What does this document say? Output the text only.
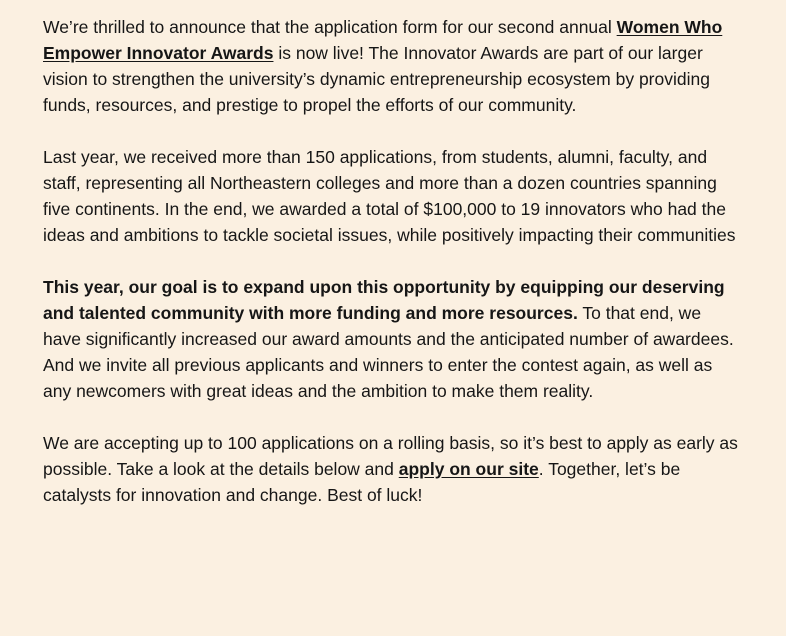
We’re thrilled to announce that the application form for our second annual Women Who Empower Innovator Awards is now live! The Innovator Awards are part of our larger vision to strengthen the university’s dynamic entrepreneurship ecosystem by providing funds, resources, and prestige to propel the efforts of our community.

Last year, we received more than 150 applications, from students, alumni, faculty, and staff, representing all Northeastern colleges and more than a dozen countries spanning five continents. In the end, we awarded a total of $100,000 to 19 innovators who had the ideas and ambitions to tackle societal issues, while positively impacting their communities

This year, our goal is to expand upon this opportunity by equipping our deserving and talented community with more funding and more resources. To that end, we have significantly increased our award amounts and the anticipated number of awardees. And we invite all previous applicants and winners to enter the contest again, as well as any newcomers with great ideas and the ambition to make them reality.

We are accepting up to 100 applications on a rolling basis, so it’s best to apply as early as possible. Take a look at the details below and apply on our site. Together, let’s be catalysts for innovation and change. Best of luck!
